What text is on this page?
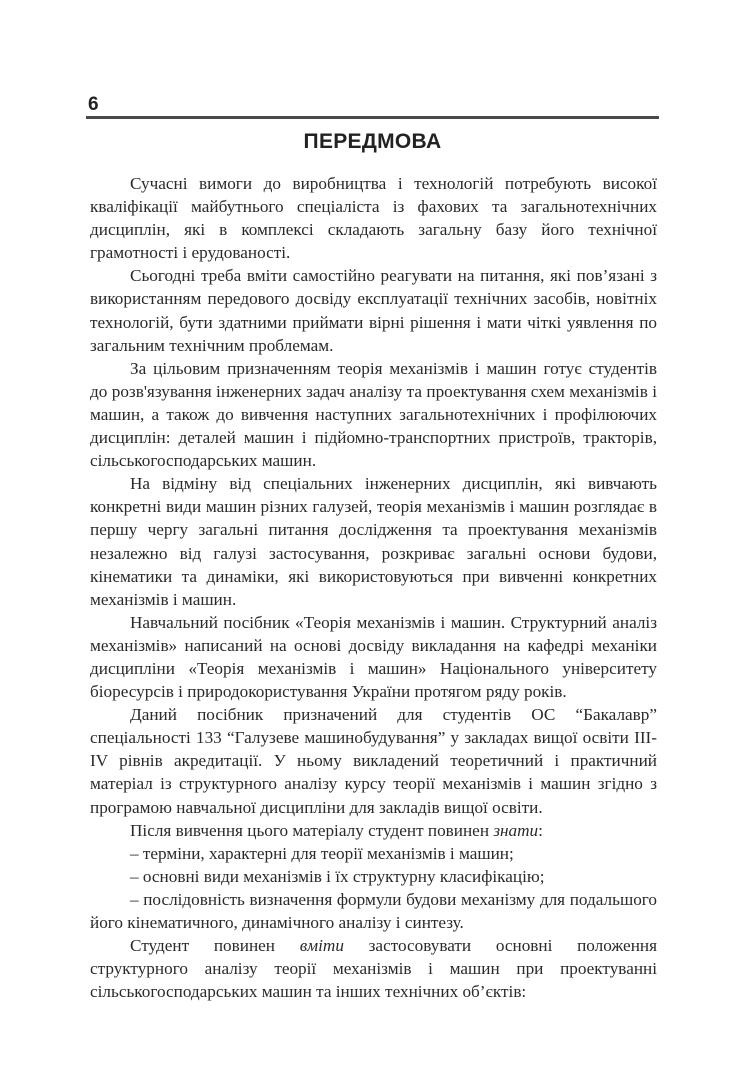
6
ПЕРЕДМОВА

Сучасні вимоги до виробництва і технологій потребують високої кваліфікації майбутнього спеціаліста із фахових та загальнотехнічних дисциплін, які в комплексі складають загальну базу його технічної грамотності і ерудованості.

Сьогодні треба вміти самостійно реагувати на питання, які пов’язані з використанням передового досвіду експлуатації технічних засобів, новітніх технологій, бути здатними приймати вірні рішення і мати чіткі уявлення по загальним технічним проблемам.

За цільовим призначенням теорія механізмів і машин готує студентів до розв'язування інженерних задач аналізу та проектування схем механізмів і машин, а також до вивчення наступних загальнотехнічних і профілюючих дисциплін: деталей машин і підйомно-транспортних пристроїв, тракторів, сільськогосподарських машин.

На відміну від спеціальних інженерних дисциплін, які вивчають конкретні види машин різних галузей, теорія механізмів і машин розглядає в першу чергу загальні питання дослідження та проектування механізмів незалежно від галузі застосування, розкриває загальні основи будови, кінематики та динаміки, які використовуються при вивченні конкретних механізмів і машин.

Навчальний посібник «Теорія механізмів і машин. Структурний аналіз механізмів» написаний на основі досвіду викладання на кафедрі механіки дисципліни «Теорія механізмів і машин» Національного університету біоресурсів і природокористування України протягом ряду років.

Даний посібник призначений для студентів ОС “Бакалавр” спеціальності 133 “Галузеве машинобудування” у закладах вищої освіти ІІІ-ІV рівнів акредитації. У ньому викладений теоретичний і практичний матеріал із структурного аналізу курсу теорії механізмів і машин згідно з програмою навчальної дисципліни для закладів вищої освіти.

Після вивчення цього матеріалу студент повинен знати:

– терміни, характерні для теорії механізмів і машин;

– основні види механізмів і їх структурну класифікацію;

– послідовність визначення формули будови механізму для подальшого його кінематичного, динамічного аналізу і синтезу.

Студент повинен вміти застосовувати основні положення структурного аналізу теорії механізмів і машин при проектуванні сільськогосподарських машин та інших технічних об’єктів:
